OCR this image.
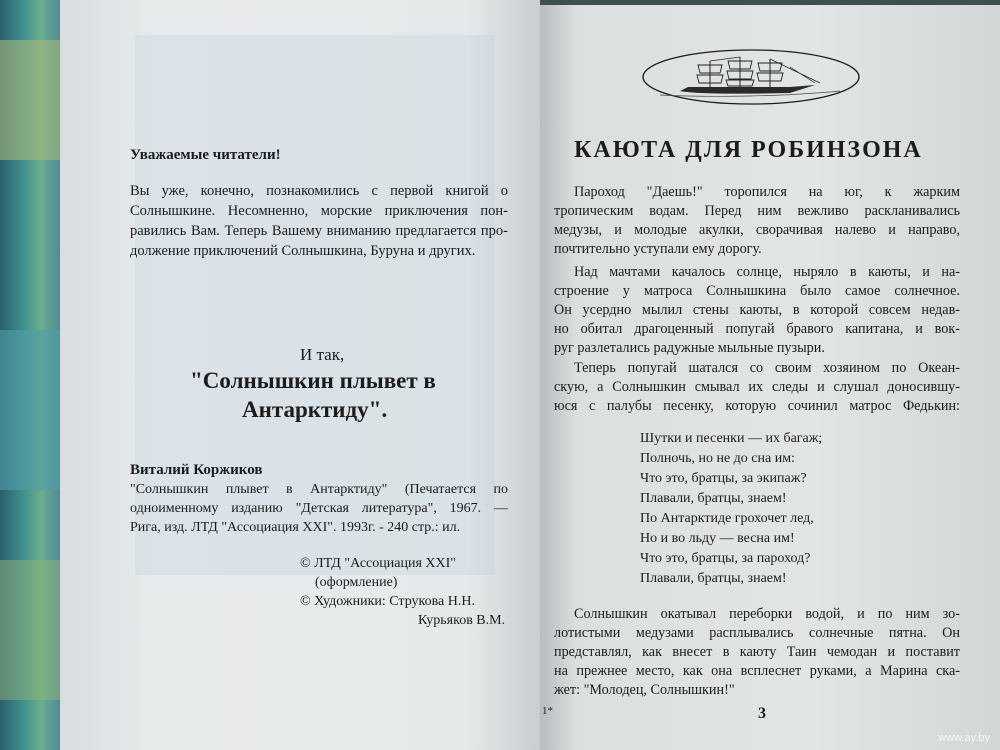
Уважаемые читатели!
Вы уже, конечно, познакомились с первой книгой о
Солнышкине. Несомненно, морские приключения пон-
равились Вам. Теперь Вашему вниманию предлагается про-
должение приключений Солнышкина, Буруна и других.
И так,
"Солнышкин плывет в
Антарктиду".
Виталий Коржиков
"Солнышкин плывет в Антарктиду" (Печатается по
одноименному изданию "Детская литература", 1967. —
Рига, изд. ЛТД "Ассоциация XXI". 1993г. - 240 стр.: ил.
© ЛТД "Ассоциация XXI"
(оформление)
© Художники: Струкова Н.Н.
Курьяков В.М.
КАЮТА ДЛЯ РОБИНЗОНА
Пароход "Даешь!" торопился на юг, к жарким
тропическим водам. Перед ним вежливо раскланивались
медузы, и молодые акулки, сворачивая налево и направо,
почтительно уступали ему дорогу.
Над мачтами качалось солнце, ныряло в каюты, и на-
строение у матроса Солнышкина было самое солнечное.
Он усердно мылил стены каюты, в которой совсем недав-
но обитал драгоценный попугай бравого капитана, и вок-
руг разлетались радужные мыльные пузыри.
Теперь попугай шатался со своим хозяином по Океан-
скую, а Солнышкин смывал их следы и слушал доносившу-
юся с палубы песенку, которую сочинил матрос Федькин:
Шутки и песенки — их багаж;
Полночь, но не до сна им:
Что это, братцы, за экипаж?
Плавали, братцы, знаем!
По Антарктиде грохочет лед,
Но и во льду — весна им!
Что это, братцы, за пароход?
Плавали, братцы, знаем!
Солнышкин окатывал переборки водой, и по ним зо-
лотистыми медузами расплывались солнечные пятна. Он
представлял, как внесет в каюту Таин чемодан и поставит
на прежнее место, как она всплеснет руками, а Марина ска-
жет: "Молодец, Солнышкин!"
1*	3
www.ay.by
